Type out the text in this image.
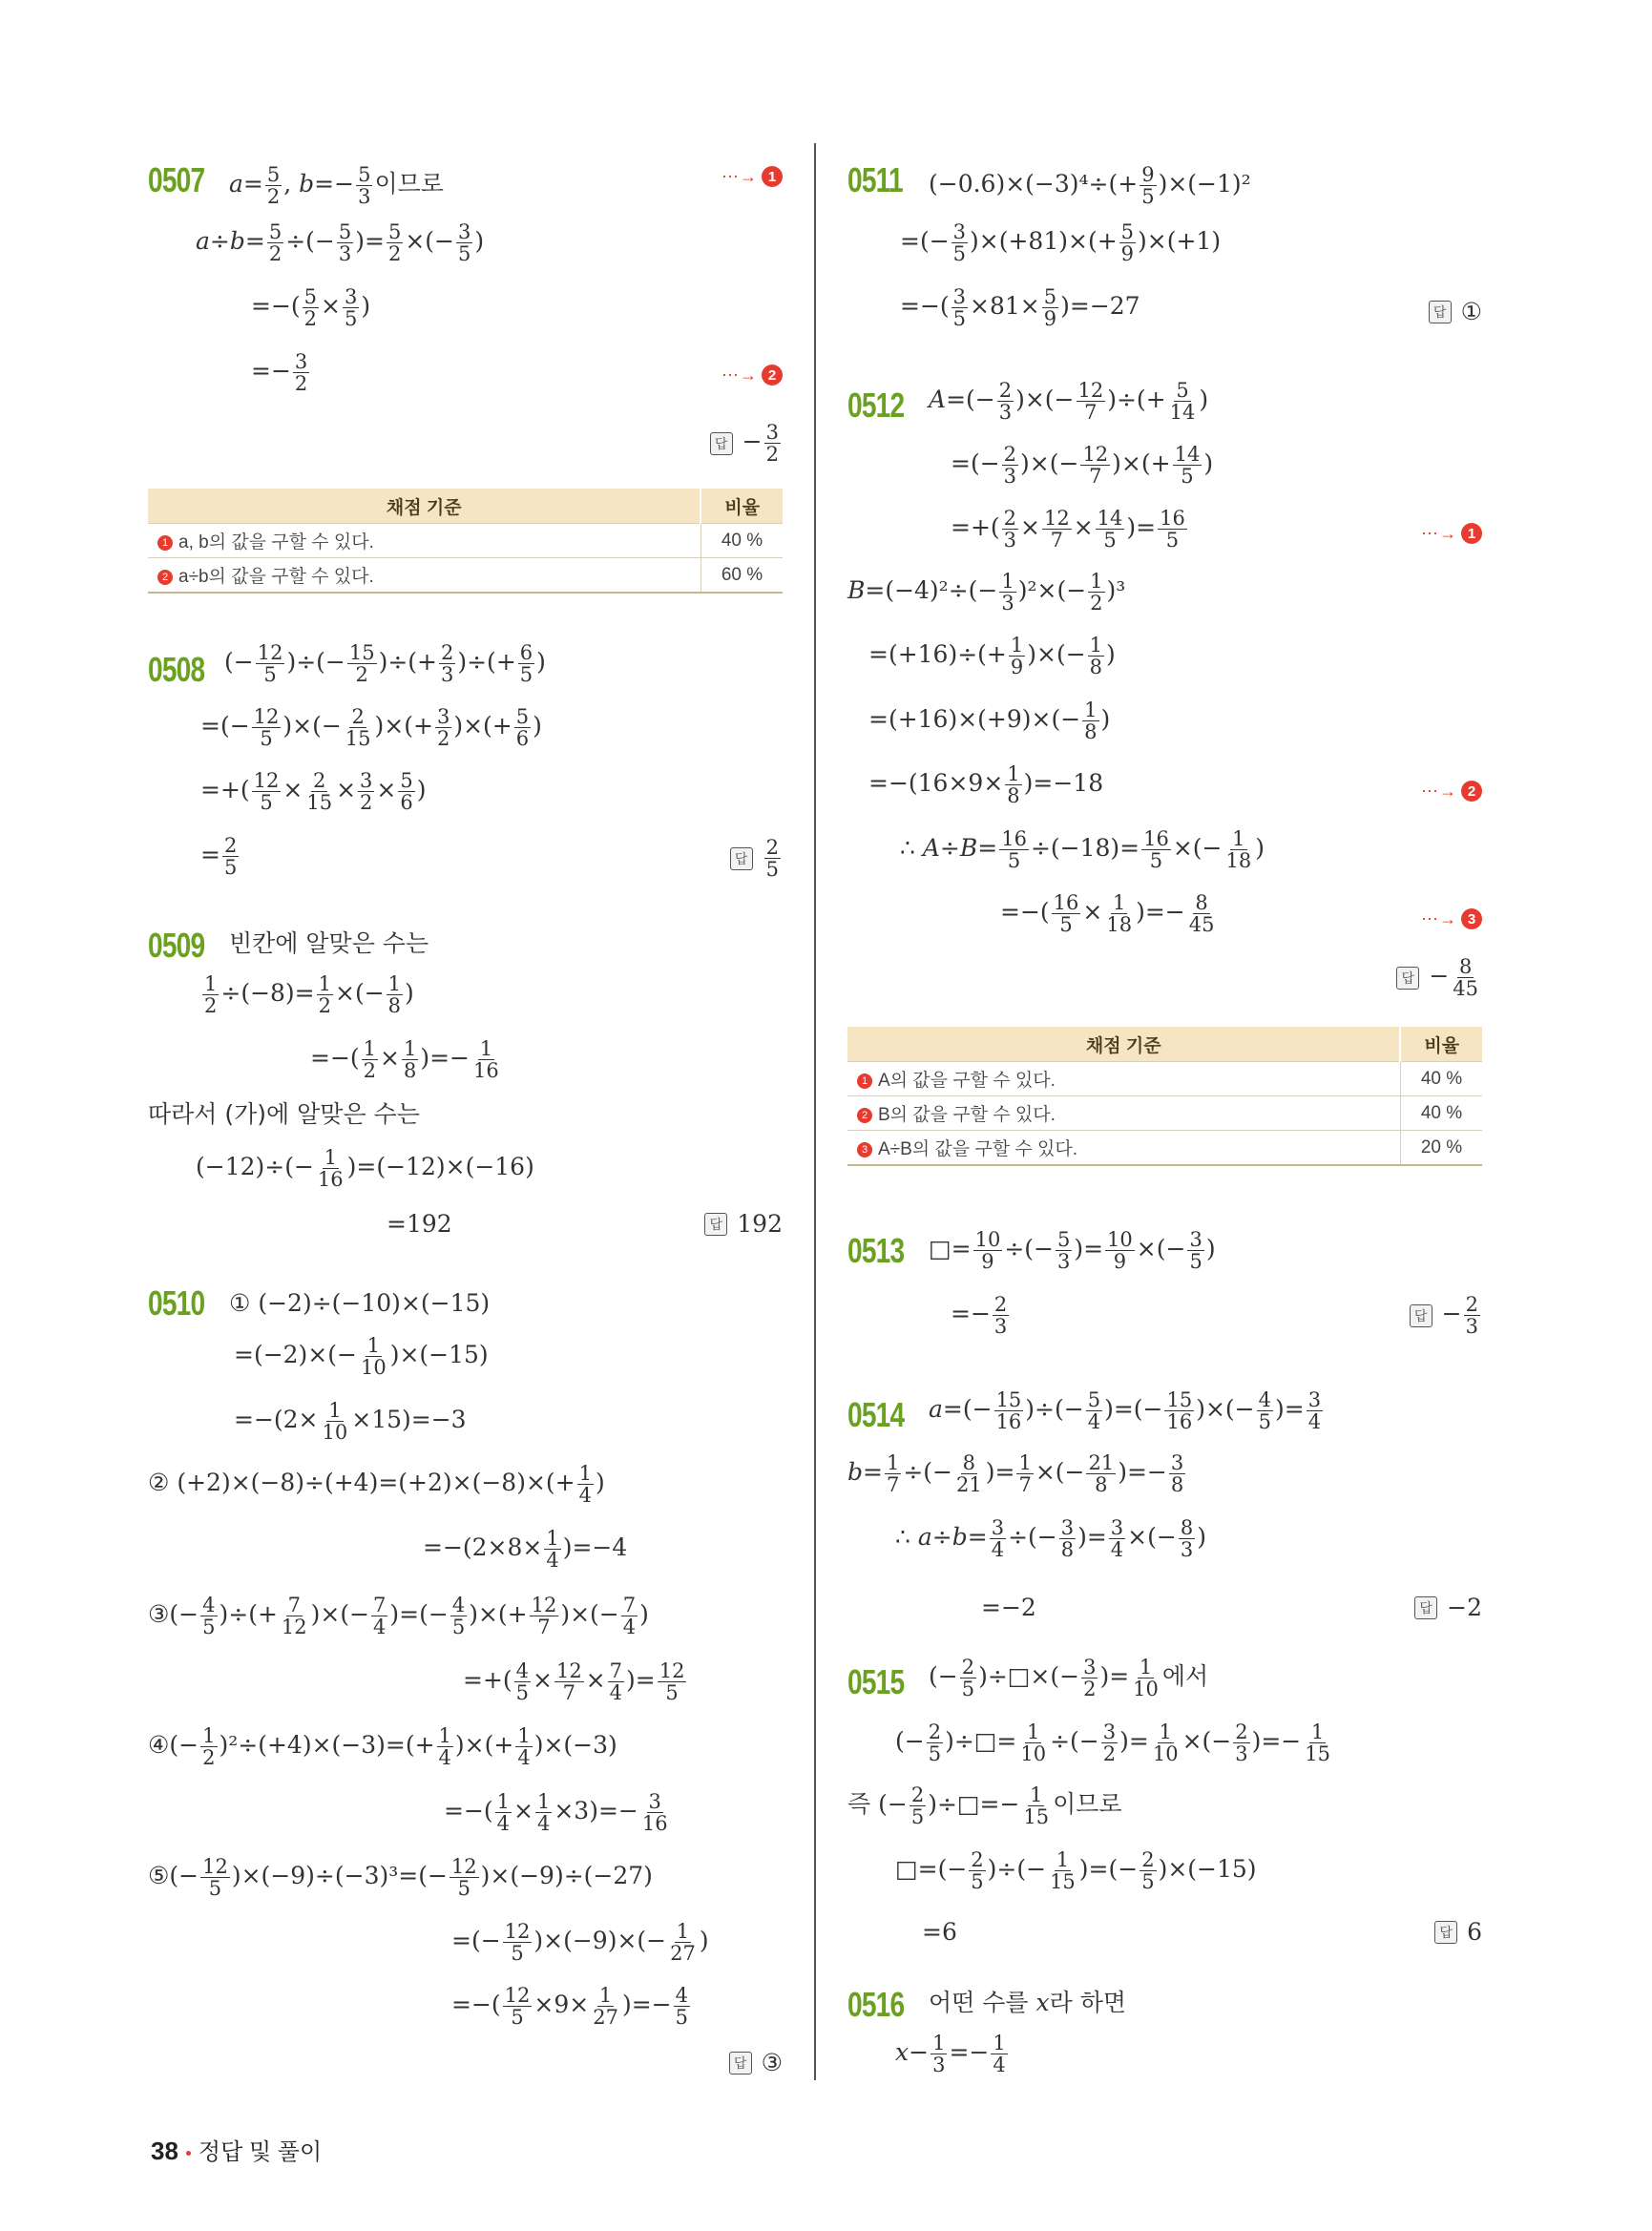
0507 $a= \frac{5}{2}$ , $b=- \frac{5}{3}$ 이므로	⋯→ 1
$a\div b= \frac{5}{2}$ ÷(− $\frac{5}{3}$ )= $\frac{5}{2}$ ×(− $\frac{3}{5}$ )
=−( $\frac{5}{2} \times \frac{3}{5}$ )
=− $\frac{3}{2}$	⋯→ 2
답 − $\frac{3}{2}$
채점 기준	비율
1 a, b의 값을 구할 수 있다.	40 %
2 a÷b의 값을 구할 수 있다.	60 %
0508 (− $\frac{12}{5}$ )÷(− $\frac{15}{2}$ )÷(+ $\frac{2}{3}$ )÷(+ $\frac{6}{5}$ )
=(− $\frac{12}{5}$ )×(− $\frac{2}{15}$ )×(+ $\frac{3}{2}$ )×(+ $\frac{5}{6}$ )
=+( $\frac{12}{5} \times \frac{2}{15} \times \frac{3}{2} \times \frac{5}{6}$ )
= $\frac{2}{5}$	답 $\frac{2}{5}$
0509 빈칸에 알맞은 수는
$\frac{1}{2} \div(-8)= \frac{1}{2}$ ×(− $\frac{1}{8}$ )
=−( $\frac{1}{2} \times \frac{1}{8}$ )=− $\frac{1}{16}$
따라서 (가)에 알맞은 수는
$(-12)\div(- \frac{1}{16} )=(-12)\times(-16)$
=192	답 192
0510 ① (−2)÷(−10)×(−15)
$=(-2)\times(- \frac{1}{10} )\times(-15)$
$=-(2\times \frac{1}{10} \times 15)=-3$
② $(+2)\times(-8)\div(+4)=(+2)\times(-8)\times(+ \frac{1}{4}$ )
$=-(2\times 8\times \frac{1}{4} )=-4$
③(− $\frac{4}{5}$ )÷(+ $\frac{7}{12}$ )×(− $\frac{7}{4}$ )=(− $\frac{4}{5}$ )×(+ $\frac{12}{7}$ )×(− $\frac{7}{4}$ )
=+( $\frac{4}{5} \times \frac{12}{7} \times \frac{7}{4}$ )= $\frac{12}{5}$
④(− $\frac{1}{2} )^2\div(+4)\times(-3)=(+ \frac{1}{4}$ )×(+ $\frac{1}{4} )\times(-3)$
=−( $\frac{1}{4} \times \frac{1}{4} \times 3)=- \frac{3}{16}$
⑤(− $\frac{12}{5} )\times(-9)\div(-3)^3=(- \frac{12}{5} )\times(-9)\div(-27)$
=(− $\frac{12}{5} )\times(-9)\times(- \frac{1}{27}$ )
=−( $\frac{12}{5} \times 9\times \frac{1}{27}$ )=− $\frac{4}{5}$
답 ③
0511 $(-0.6)\times(-3)^4\div(+ \frac{9}{5} )\times(-1)^2$
=(− $\frac{3}{5} )\times(+81)\times(+ \frac{5}{9} )\times(+1)$
=−( $\frac{3}{5} \times 81\times \frac{5}{9} )=-27$	답 ①
0512 $A=(- \frac{2}{3}$ )×(− $\frac{12}{7}$ )÷(+ $\frac{5}{14}$ )
=(− $\frac{2}{3}$ )×(− $\frac{12}{7}$ )×(+ $\frac{14}{5}$ )
=+( $\frac{2}{3} \times \frac{12}{7} \times \frac{14}{5}$ )= $\frac{16}{5}$	⋯→ 1
$B=(-4)^2\div(- \frac{1}{3} )^2\times(- \frac{1}{2} )^3$
$=(+16)\div(+ \frac{1}{9}$ )×(− $\frac{1}{8}$ )
$=(+16)\times(+9)\times(- \frac{1}{8}$ )
$=-(16\times 9\times \frac{1}{8} )=-18$	⋯→ 2
∴ $A\div B= \frac{16}{5} \div(-18)= \frac{16}{5}$ ×(− $\frac{1}{18}$ )
=−( $\frac{16}{5} \times \frac{1}{18}$ )=− $\frac{8}{45}$	⋯→ 3
답 − $\frac{8}{45}$
채점 기준	비율
1 A의 값을 구할 수 있다.	40 %
2 B의 값을 구할 수 있다.	40 %
3 A÷B의 값을 구할 수 있다.	20 %
0513 □= $\frac{10}{9}$ ÷(− $\frac{5}{3}$ )= $\frac{10}{9}$ ×(− $\frac{3}{5}$ )
=− $\frac{2}{3}$	답 − $\frac{2}{3}$
0514 $a=(- \frac{15}{16}$ )÷(− $\frac{5}{4}$ )=(− $\frac{15}{16}$ )×(− $\frac{4}{5}$ )= $\frac{3}{4}$
$b= \frac{1}{7}$ ÷(− $\frac{8}{21}$ )= $\frac{1}{7}$ ×(− $\frac{21}{8}$ )=− $\frac{3}{8}$
∴ $a\div b= \frac{3}{4}$ ÷(− $\frac{3}{8}$ )= $\frac{3}{4}$ ×(− $\frac{8}{3}$ )
=−2	답 −2
0515 (− $\frac{2}{5}$ )÷□×(− $\frac{3}{2}$ )= $\frac{1}{10}$ 에서
(− $\frac{2}{5}$ )÷□= $\frac{1}{10}$ ÷(− $\frac{3}{2}$ )= $\frac{1}{10}$ ×(− $\frac{2}{3}$ )=− $\frac{1}{15}$
즉 (− $\frac{2}{5}$ )÷□=− $\frac{1}{15}$ 이므로
□=(− $\frac{2}{5}$ )÷(− $\frac{1}{15}$ )=(− $\frac{2}{5} )\times(-15)$
=6	답 6
0516 어떤 수를 x라 하면
$x- \frac{1}{3} =- \frac{1}{4}$
38 정답 및 풀이
